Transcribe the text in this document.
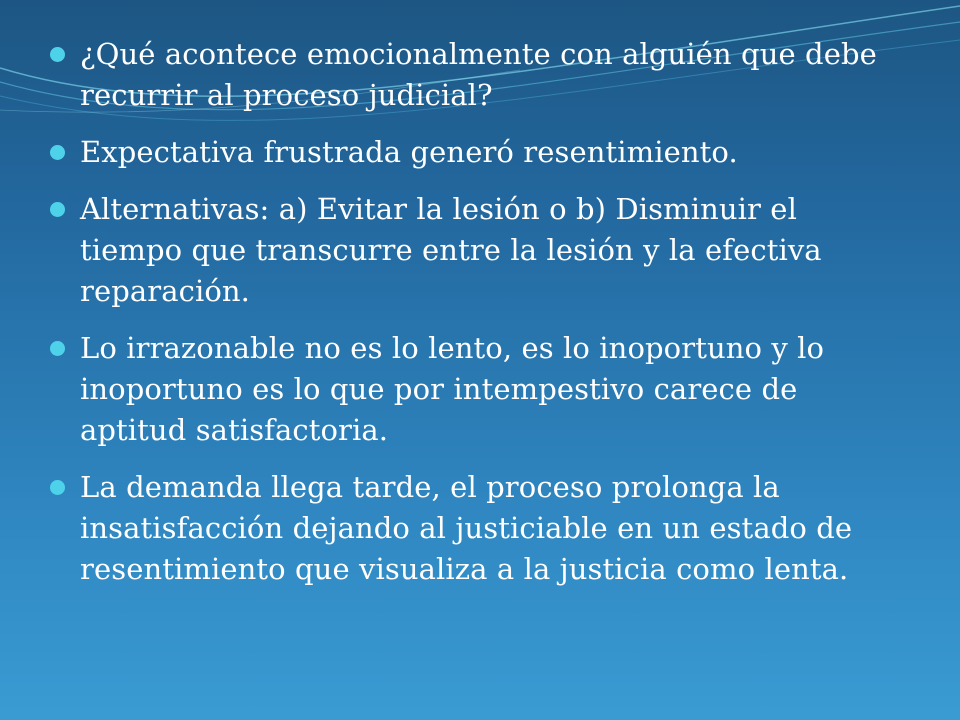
¿Qué acontece emocionalmente con alguién que debe recurrir al proceso judicial?
Expectativa frustrada generó resentimiento.
Alternativas: a) Evitar la lesión o b) Disminuir el tiempo que transcurre entre la lesión y la efectiva reparación.
Lo irrazonable no es lo lento, es lo inoportuno y lo inoportuno es lo que por intempestivo carece de aptitud satisfactoria.
La demanda llega tarde, el proceso prolonga la insatisfacción dejando al justiciable en un estado de resentimiento que visualiza a la justicia como lenta.
